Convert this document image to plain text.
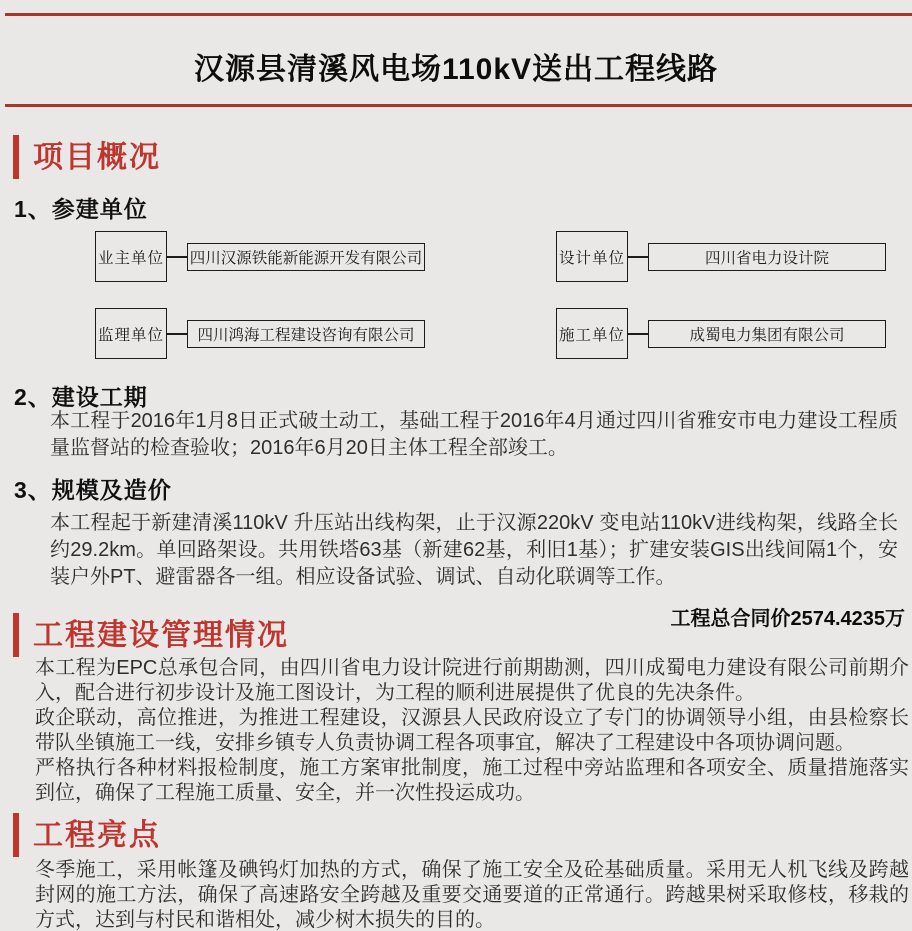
汉源县清溪风电场110kV送出工程线路
项目概况
1、参建单位
业主单位 四川汉源铁能新能源开发有限公司	设计单位	四川省电力设计院
监理单位	四川鸿海工程建设咨询有限公司	施工单位	成蜀电力集团有限公司
2、建设工期

本工程于2016年1月8日正式破土动工，基础工程于2016年4月通过四川省雅安市电力建设工程质量监督站的检查验收；2016年6月20日主体工程全部竣工。

3、规模及造价

本工程起于新建清溪110kV 升压站出线构架，止于汉源220kV 变电站110kV进线构架，线路全长约29.2km。单回路架设。共用铁塔63基（新建62基，利旧1基）；扩建安装GIS出线间隔1个，安装户外PT、避雷器各一组。相应设备试验、调试、自动化联调等工作。

工程总合同价2574.4235万
工程建设管理情况

本工程为EPC总承包合同，由四川省电力设计院进行前期勘测，四川成蜀电力建设有限公司前期介入，配合进行初步设计及施工图设计，为工程的顺利进展提供了优良的先决条件。

政企联动，高位推进，为推进工程建设，汉源县人民政府设立了专门的协调领导小组，由县检察长带队坐镇施工一线，安排乡镇专人负责协调工程各项事宜，解决了工程建设中各项协调问题。

严格执行各种材料报检制度，施工方案审批制度，施工过程中旁站监理和各项安全、质量措施落实到位，确保了工程施工质量、安全，并一次性投运成功。

工程亮点

冬季施工，采用帐篷及碘钨灯加热的方式，确保了施工安全及砼基础质量。采用无人机飞线及跨越封网的施工方法，确保了高速路安全跨越及重要交通要道的正常通行。跨越果树采取修枝，移栽的方式，达到与村民和谐相处，减少树木损失的目的。
